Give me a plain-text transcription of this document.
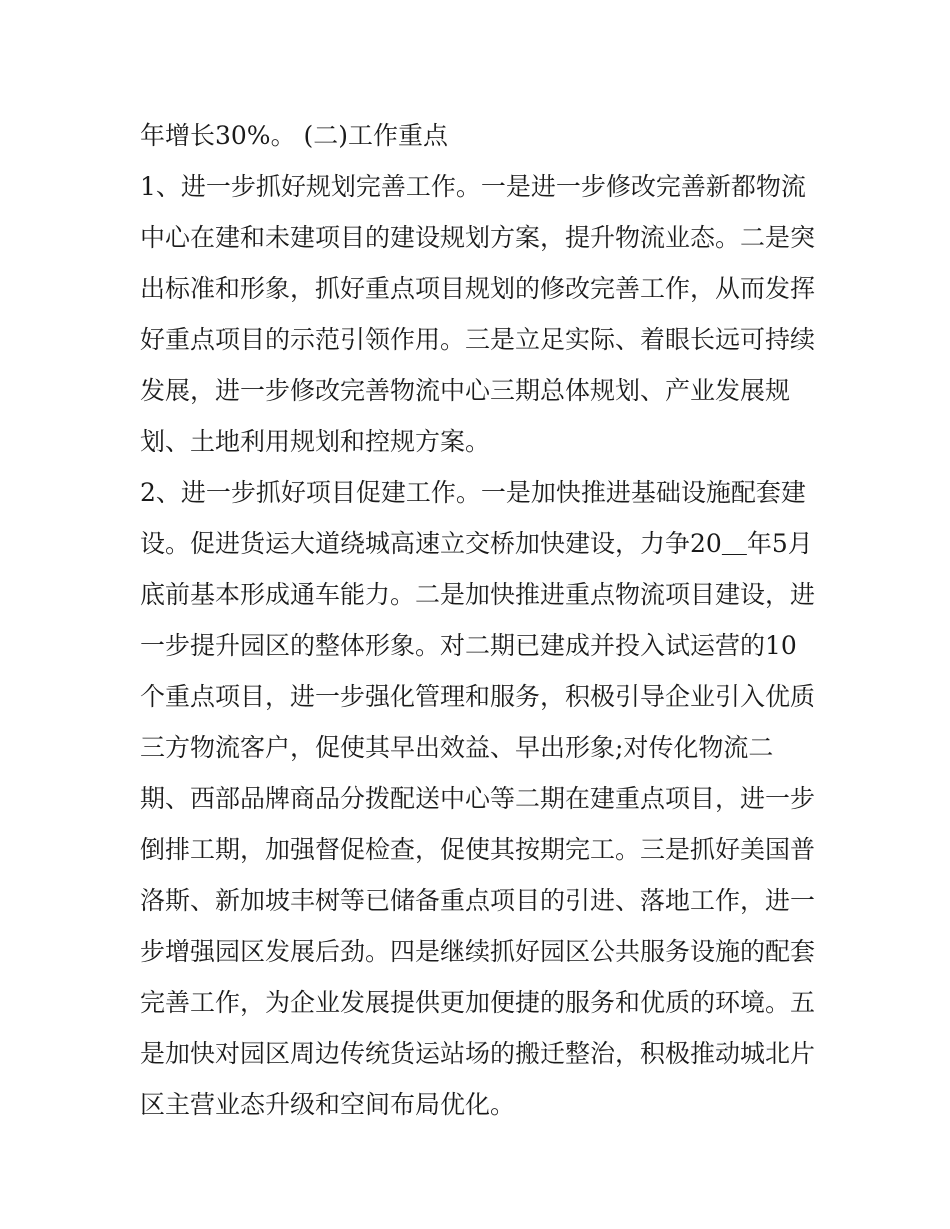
年增长30%。 (二)工作重点
1、进一步抓好规划完善工作。一是进一步修改完善新都物流
中心在建和未建项目的建设规划方案，提升物流业态。二是突
出标准和形象，抓好重点项目规划的修改完善工作，从而发挥
好重点项目的示范引领作用。三是立足实际、着眼长远可持续
发展，进一步修改完善物流中心三期总体规划、产业发展规
划、土地利用规划和控规方案。
2、进一步抓好项目促建工作。一是加快推进基础设施配套建
设。促进货运大道绕城高速立交桥加快建设，力争20＿年5月
底前基本形成通车能力。二是加快推进重点物流项目建设，进
一步提升园区的整体形象。对二期已建成并投入试运营的10
个重点项目，进一步强化管理和服务，积极引导企业引入优质
三方物流客户，促使其早出效益、早出形象;对传化物流二
期、西部品牌商品分拨配送中心等二期在建重点项目，进一步
倒排工期，加强督促检查，促使其按期完工。三是抓好美国普
洛斯、新加坡丰树等已储备重点项目的引进、落地工作，进一
步增强园区发展后劲。四是继续抓好园区公共服务设施的配套
完善工作，为企业发展提供更加便捷的服务和优质的环境。五
是加快对园区周边传统货运站场的搬迁整治，积极推动城北片
区主营业态升级和空间布局优化。
